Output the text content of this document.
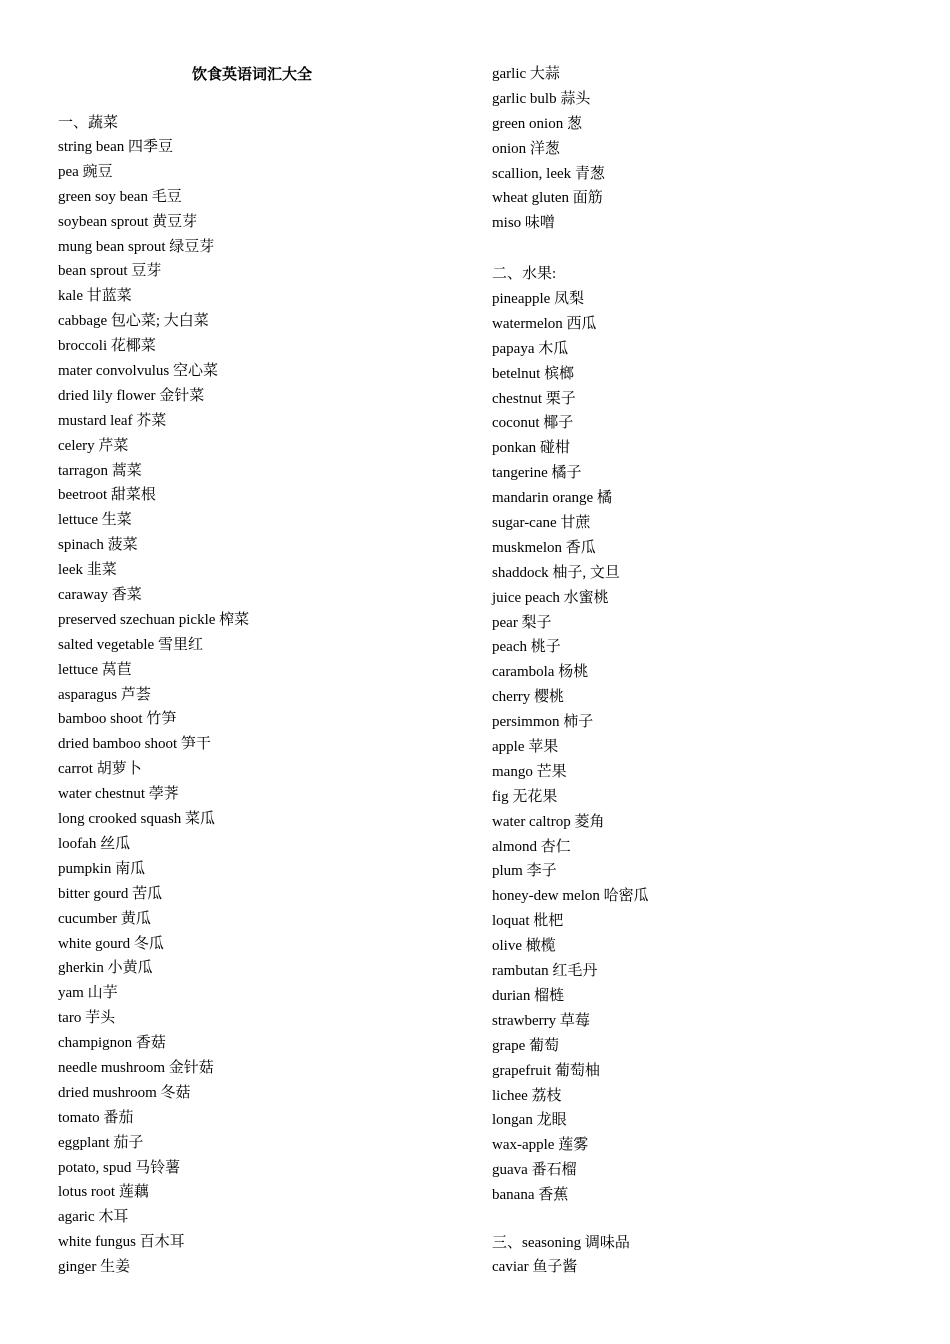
饮食英语词汇大全
一、蔬菜
string bean 四季豆
pea 豌豆
green soy bean 毛豆
soybean sprout 黄豆芽
mung bean sprout 绿豆芽
bean sprout 豆芽
kale 甘蓝菜
cabbage 包心菜; 大白菜
broccoli 花椰菜
mater convolvulus 空心菜
dried lily flower 金针菜
mustard leaf 芥菜
celery 芹菜
tarragon 蒿菜
beetroot 甜菜根
lettuce 生菜
spinach 菠菜
leek 韭菜
caraway 香菜
preserved szechuan pickle 榨菜
salted vegetable 雪里红
lettuce 莴苣
asparagus 芦荟
bamboo shoot 竹笋
dried bamboo shoot 笋干
carrot 胡萝卜
water chestnut 荸荠
long crooked squash 菜瓜
loofah 丝瓜
pumpkin 南瓜
bitter gourd 苦瓜
cucumber 黄瓜
white gourd 冬瓜
gherkin 小黄瓜
yam 山芋
taro 芋头
champignon 香菇
needle mushroom 金针菇
dried mushroom 冬菇
tomato 番茄
eggplant 茄子
potato, spud 马铃薯
lotus root 莲藕
agaric 木耳
white fungus 百木耳
ginger 生姜
garlic 大蒜
garlic bulb 蒜头
green onion 葱
onion 洋葱
scallion, leek 青葱
wheat gluten 面筋
miso 味噌
二、水果:
pineapple 凤梨
watermelon 西瓜
papaya 木瓜
betelnut 槟榔
chestnut 栗子
coconut 椰子
ponkan 碰柑
tangerine 橘子
mandarin orange 橘
sugar-cane 甘蔗
muskmelon 香瓜
shaddock 柚子, 文旦
juice peach 水蜜桃
pear 梨子
peach 桃子
carambola 杨桃
cherry 樱桃
persimmon 柿子
apple 苹果
mango 芒果
fig 无花果
water caltrop 菱角
almond 杏仁
plum 李子
honey-dew melon 哈密瓜
loquat 枇杷
olive 橄榄
rambutan 红毛丹
durian 榴梿
strawberry 草莓
grape 葡萄
grapefruit 葡萄柚
lichee 荔枝
longan 龙眼
wax-apple 莲雾
guava 番石榴
banana 香蕉
三、seasoning 调味品
caviar 鱼子酱
